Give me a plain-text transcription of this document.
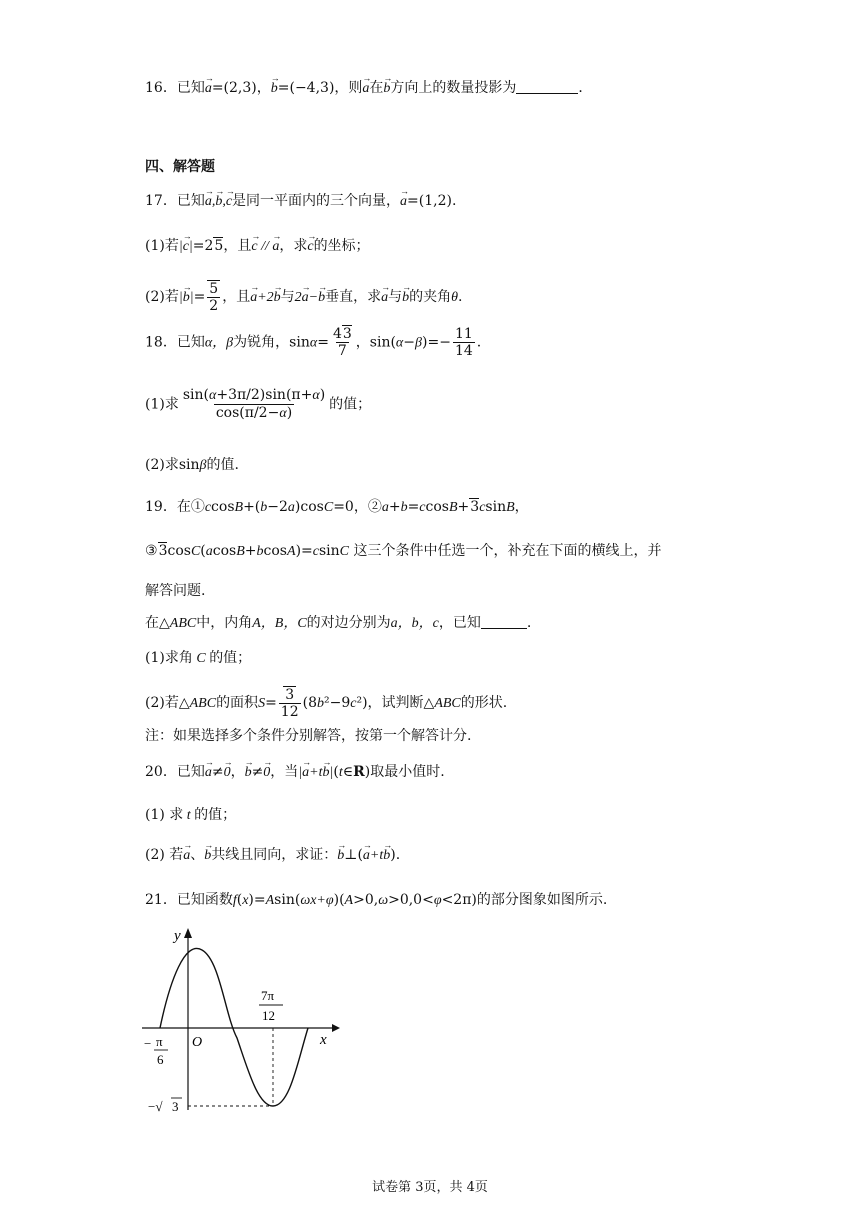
16．已知→ a=(2,3)，→ b=(−4,3)，则→ a在→ b方向上的数量投影为	．
四、解答题
17．已知→ a,→ b,→ c是同一平面内的三个向量，→ a=(1,2).
(1)若|→ c|=25，且→ c // → a，求→ c的坐标；
(2)若|→ $b|= \frac{5}{2}$ ，且→ a+2→ b与2→ a−→ b垂直，求→ a与→ b的夹角θ.
18．已知α，β为锐角，$\sin\alpha= \frac{43}{7}$ ，$\sin(\alpha-\beta)=- \frac{11}{14}$ .
(1)求 $\frac{\sin(\alpha+3\pi/2)\sin(\pi+\alpha)}{\cos(\pi/2-\alpha)}$ 的值；
(2)求sinβ的值.
19．在①ccosB+(b−2a)cosC=0，②a+b=ccosB+3csinB，
③3cosC(acosB+bcosA)=csinC 这三个条件中任选一个，补充在下面的横线上，并
解答问题.
在△ABC中，内角A，B，C的对边分别为a，b，c，已知	.
(1)求角 C 的值；
(2)若△ABC的面积$S= \frac{3}{12} (8b^2-9c^2)$，试判断△ABC的形状.
注：如果选择多个条件分别解答，按第一个解答计分.
20．已知→ a≠→ 0，→ b≠→ 0，当|→ a+t→ b|(t∈R)取最小值时.
(1) 求 t 的值；
(2) 若→ a、→ b共线且同向，求证：→ b⊥(→ a+t→ b).
21．已知函数f(x)=Asin(ωx+φ)(A>0,ω>0,0<φ<2π)的部分图象如图所示.
y
x
O
− π
6
7π
12
−√ 3
试卷第 3页，共 4页
